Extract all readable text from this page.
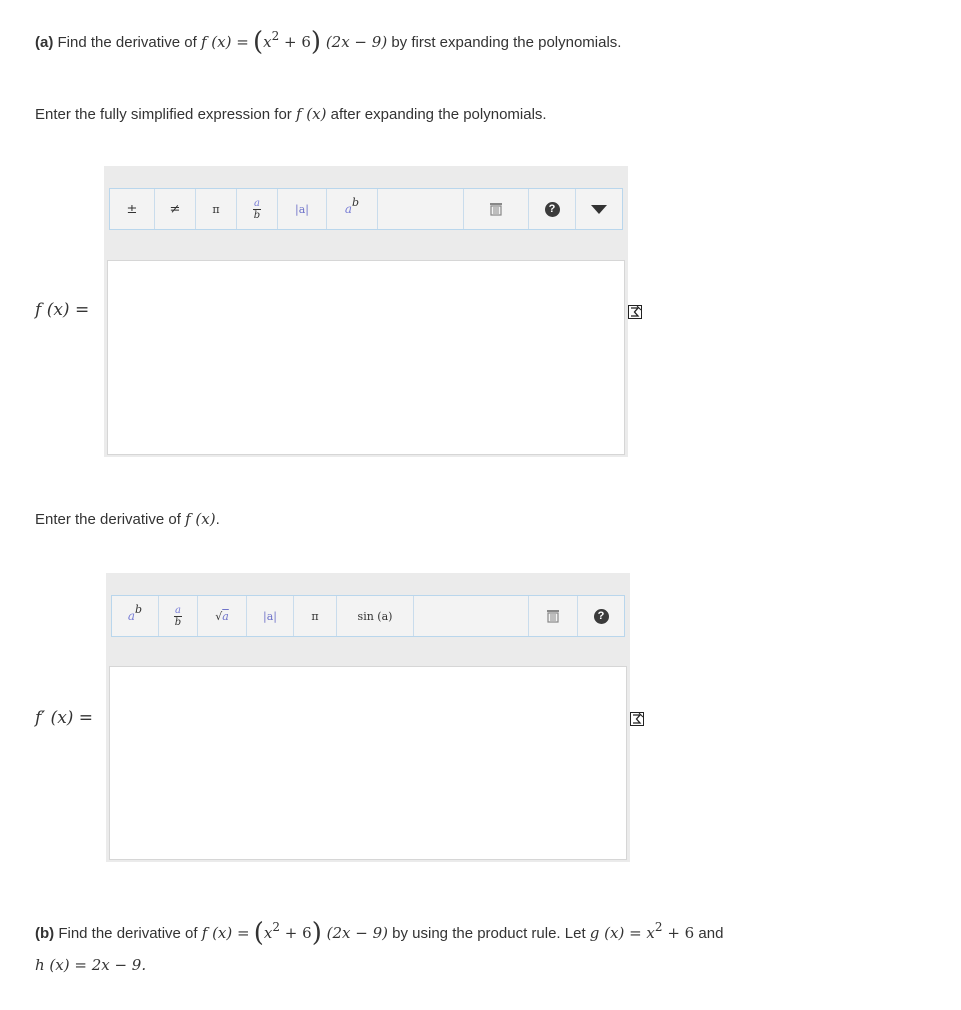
(a) Find the derivative of f $(x) = (x^2 + 6) (2x - 9)$ by first expanding the polynomials.
Enter the fully simplified expression for f (x) after expanding the polynomials.
f (x) =
±	≠	π	$\frac{a}{b}$	|a|	$a^b$	?
Enter the derivative of f (x).
f′ (x) =
$a^b$	$\frac{a}{b}$	√ a	|a|	π	sin (a)	?
(b) Find the derivative of f $(x) = (x^2 + 6) (2x - 9)$ by using the product rule. Let g $(x) = x^2 + 6$ and
h (x) = 2x − 9.
